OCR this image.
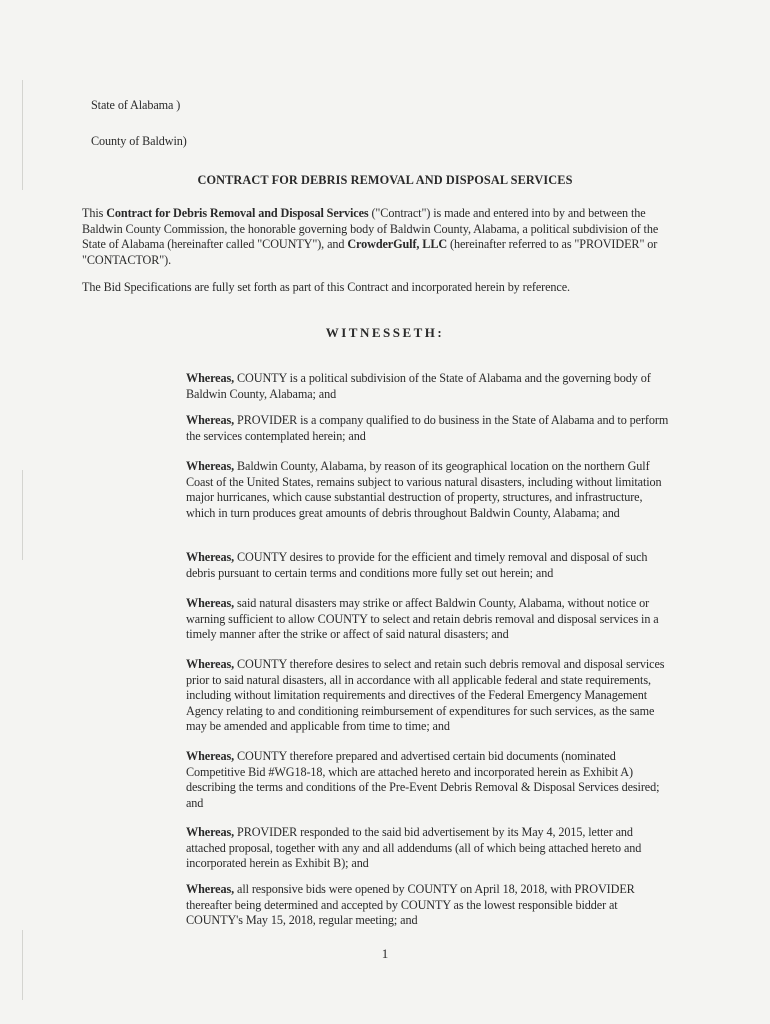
State of Alabama )

County of Baldwin)

CONTRACT FOR DEBRIS REMOVAL AND DISPOSAL SERVICES

This Contract for Debris Removal and Disposal Services ("Contract") is made and entered into by and between the Baldwin County Commission, the honorable governing body of Baldwin County, Alabama, a political subdivision of the State of Alabama (hereinafter called "COUNTY"), and CrowderGulf, LLC (hereinafter referred to as "PROVIDER" or "CONTACTOR").

The Bid Specifications are fully set forth as part of this Contract and incorporated herein by reference.

WITNESSETH:

Whereas, COUNTY is a political subdivision of the State of Alabama and the governing body of Baldwin County, Alabama; and

Whereas, PROVIDER is a company qualified to do business in the State of Alabama and to perform the services contemplated herein; and

Whereas, Baldwin County, Alabama, by reason of its geographical location on the northern Gulf Coast of the United States, remains subject to various natural disasters, including without limitation major hurricanes, which cause substantial destruction of property, structures, and infrastructure, which in turn produces great amounts of debris throughout Baldwin County, Alabama; and

Whereas, COUNTY desires to provide for the efficient and timely removal and disposal of such debris pursuant to certain terms and conditions more fully set out herein; and

Whereas, said natural disasters may strike or affect Baldwin County, Alabama, without notice or warning sufficient to allow COUNTY to select and retain debris removal and disposal services in a timely manner after the strike or affect of said natural disasters; and

Whereas, COUNTY therefore desires to select and retain such debris removal and disposal services prior to said natural disasters, all in accordance with all applicable federal and state requirements, including without limitation requirements and directives of the Federal Emergency Management Agency relating to and conditioning reimbursement of expenditures for such services, as the same may be amended and applicable from time to time; and

Whereas, COUNTY therefore prepared and advertised certain bid documents (nominated Competitive Bid #WG18-18, which are attached hereto and incorporated herein as Exhibit A) describing the terms and conditions of the Pre-Event Debris Removal & Disposal Services desired; and

Whereas, PROVIDER responded to the said bid advertisement by its May 4, 2015, letter and attached proposal, together with any and all addendums (all of which being attached hereto and incorporated herein as Exhibit B); and

Whereas, all responsive bids were opened by COUNTY on April 18, 2018, with PROVIDER thereafter being determined and accepted by COUNTY as the lowest responsible bidder at COUNTY's May 15, 2018, regular meeting; and

1
